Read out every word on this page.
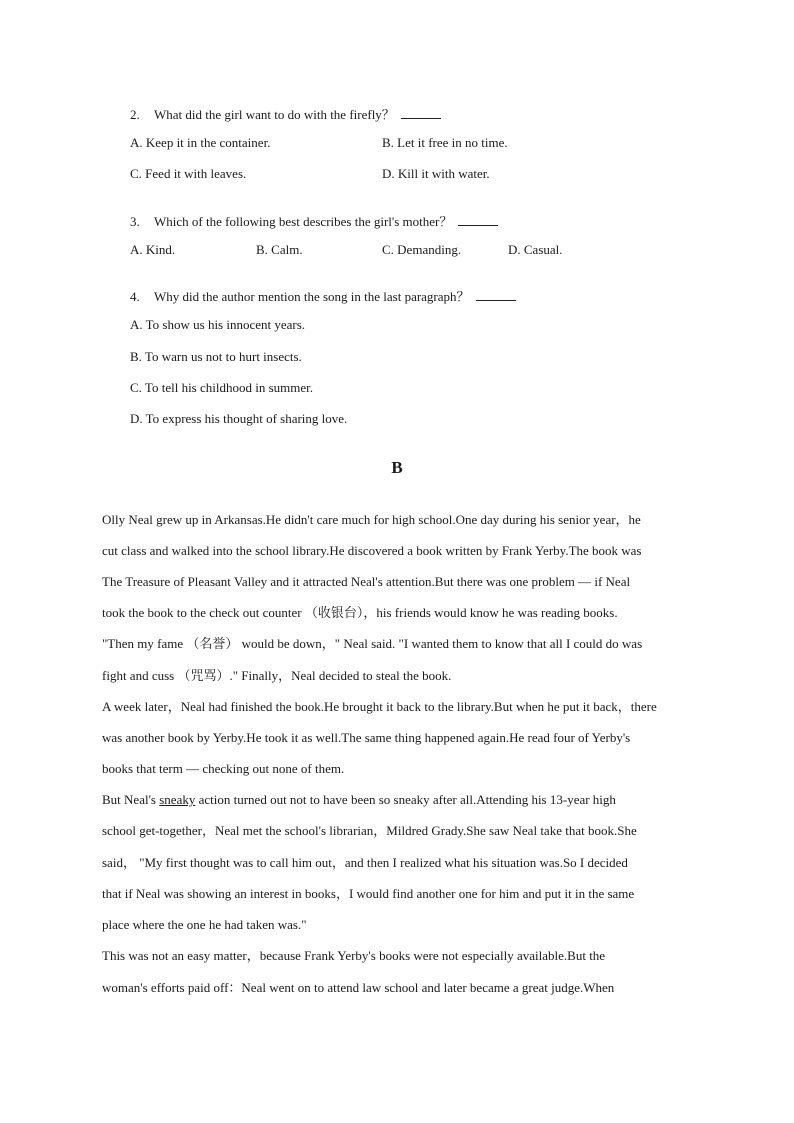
2. What did the girl want to do with the firefly？
A. Keep it in the container.	B. Let it free in no time.
C. Feed it with leaves.	D. Kill it with water.
3. Which of the following best describes the girl's mother？
A. Kind.	B. Calm.	C. Demanding.	D. Casual.
4. Why did the author mention the song in the last paragraph？
A. To show us his innocent years.
B. To warn us not to hurt insects.
C. To tell his childhood in summer.
D. To express his thought of sharing love.
B
Olly Neal grew up in Arkansas.He didn't care much for high school.One day during his senior year，he
cut class and walked into the school library.He discovered a book written by Frank Yerby.The book was
The Treasure of Pleasant Valley and it attracted Neal's attention.But there was one problem — if Neal
took the book to the check out counter （收银台），his friends would know he was reading books.
"Then my fame （名誉） would be down，" Neal said. "I wanted them to know that all I could do was
fight and cuss （咒骂）." Finally，Neal decided to steal the book.
A week later，Neal had finished the book.He brought it back to the library.But when he put it back，there
was another book by Yerby.He took it as well.The same thing happened again.He read four of Yerby's
books that term — checking out none of them.
But Neal's sneaky action turned out not to have been so sneaky after all.Attending his 13-year high
school get-together，Neal met the school's librarian，Mildred Grady.She saw Neal take that book.She
said， "My first thought was to call him out，and then I realized what his situation was.So I decided
that if Neal was showing an interest in books，I would find another one for him and put it in the same
place where the one he had taken was."
This was not an easy matter，because Frank Yerby's books were not especially available.But the
woman's efforts paid off：Neal went on to attend law school and later became a great judge.When
